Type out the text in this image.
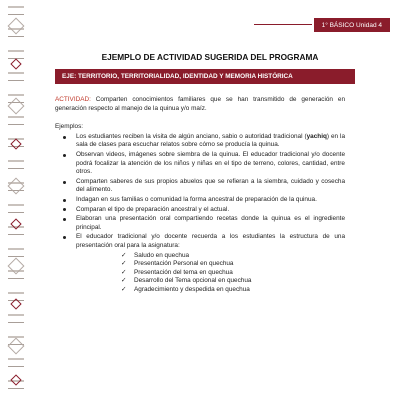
1° BÁSICO Unidad 4
EJEMPLO DE ACTIVIDAD SUGERIDA DEL PROGRAMA
EJE: TERRITORIO, TERRITORIALIDAD, IDENTIDAD Y MEMORIA HISTÓRICA

ACTIVIDAD: Comparten conocimientos familiares que se han transmitido de generación en generación respecto al manejo de la quinua y/o maíz.

Ejemplos:

Los estudiantes reciben la visita de algún anciano, sabio o autoridad tradicional (yachiq) en la sala de clases para escuchar relatos sobre cómo se producía la quinua.
Observan videos, imágenes sobre siembra de la quinua. El educador tradicional y/o docente podrá focalizar la atención de los niños y niñas en el tipo de terreno, colores, cantidad, entre otros.
Comparten saberes de sus propios abuelos que se refieran a la siembra, cuidado y cosecha del alimento.
Indagan en sus familias o comunidad la forma ancestral de preparación de la quinua.
Comparan el tipo de preparación ancestral y el actual.
Elaboran una presentación oral compartiendo recetas donde la quinua es el ingrediente principal.
El educador tradicional y/o docente recuerda a los estudiantes la estructura de una presentación oral para la asignatura:
✓ Saludo en quechua
✓ Presentación Personal en quechua
✓ Presentación del tema en quechua
✓ Desarrollo del Tema opcional en quechua
✓ Agradecimiento y despedida en quechua
